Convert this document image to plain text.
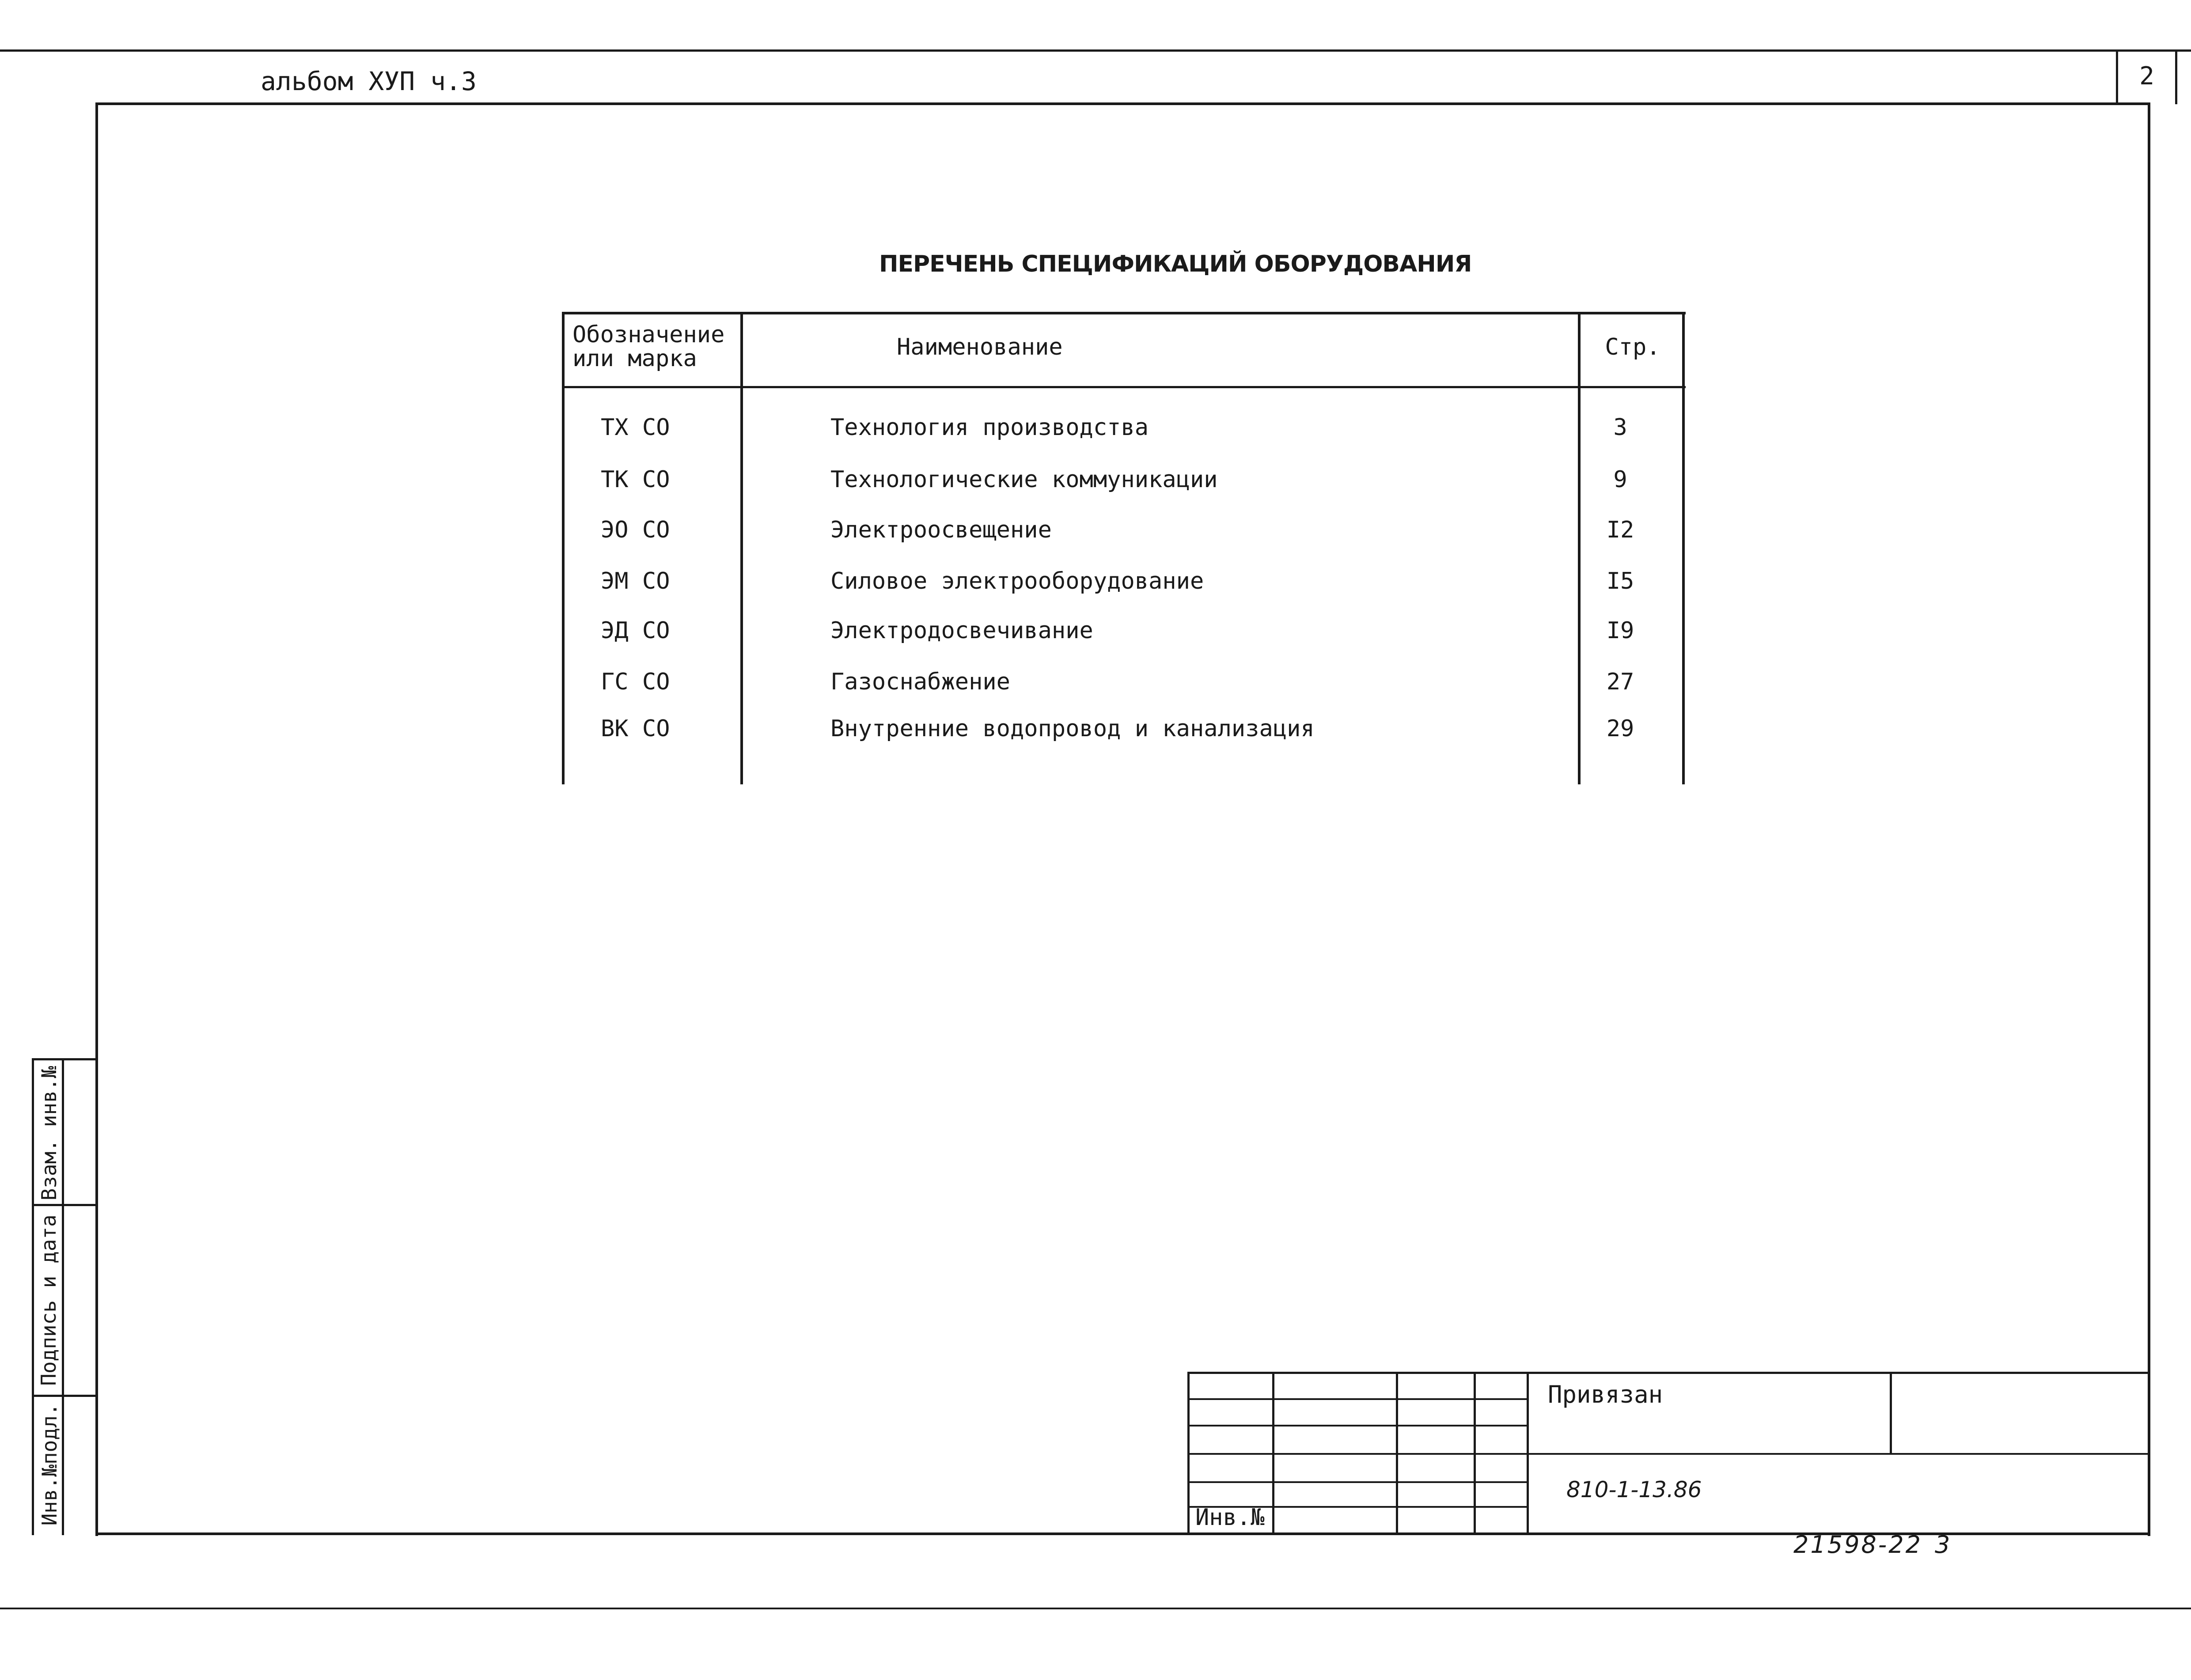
2
альбом ХУП ч.3
ПЕРЕЧЕНЬ СПЕЦИФИКАЦИЙ ОБОРУДОВАНИЯ
Обозначение
или марка	Наименование	Стр.
ТХ СО	Технология производства	3
ТК СО	Технологические коммуникации	9
ЭО СО	Электроосвещение	I2
ЭМ СО	Силовое электрооборудование	I5
ЭД СО	Электродосвечивание	I9
ГС СО	Газоснабжение	27
ВК СО	Внутренние водопровод и канализация	29
Взам. инв.№
Подпись и дата
Инв.№подл.
Привязан
Инв.№
810-1-13.86
21598-22 3
